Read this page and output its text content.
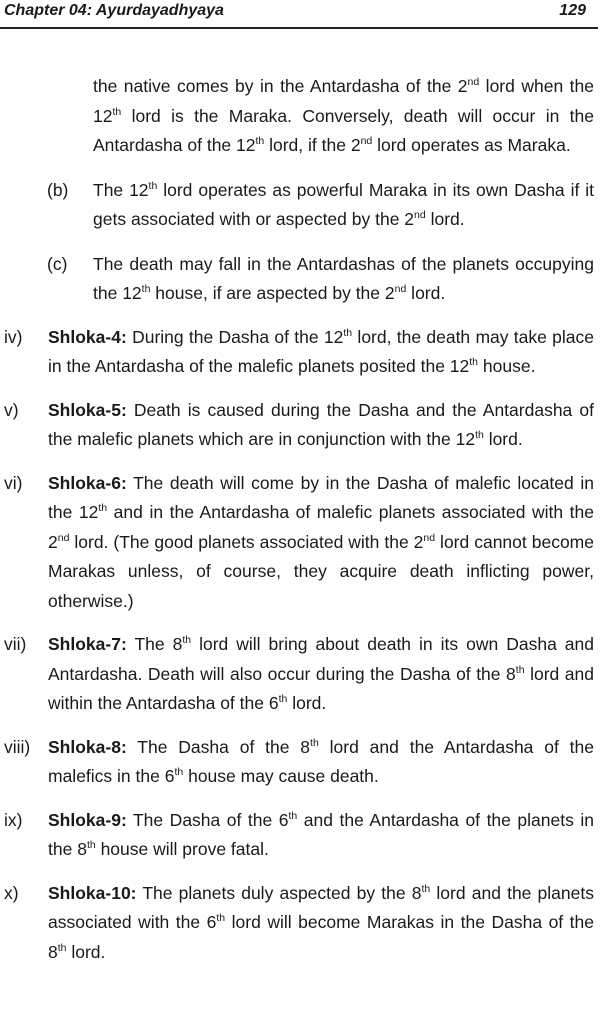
Chapter 04: Ayurdayadhyaya	129

the native comes by in the Antardasha of the 2nd lord when the 12th lord is the Maraka. Conversely, death will occur in the Antardasha of the 12th lord, if the 2nd lord operates as Maraka.

(b) The 12th lord operates as powerful Maraka in its own Dasha if it gets associated with or aspected by the 2nd lord.
(c) The death may fall in the Antardashas of the planets occupying the 12th house, if are aspected by the 2nd lord.
iv) Shloka-4: During the Dasha of the 12th lord, the death may take place in the Antardasha of the malefic planets posited the 12th house.
v) Shloka-5: Death is caused during the Dasha and the Antardasha of the malefic planets which are in conjunction with the 12th lord.
vi) Shloka-6: The death will come by in the Dasha of malefic located in the 12th and in the Antardasha of malefic planets associated with the 2nd lord. (The good planets associated with the 2nd lord cannot become Marakas unless, of course, they acquire death inflicting power, otherwise.)
vii) Shloka-7: The 8th lord will bring about death in its own Dasha and Antardasha. Death will also occur during the Dasha of the 8th lord and within the Antardasha of the 6th lord.
viii) Shloka-8: The Dasha of the 8th lord and the Antardasha of the malefics in the 6th house may cause death.
ix) Shloka-9: The Dasha of the 6th and the Antardasha of the planets in the 8th house will prove fatal.
x) Shloka-10: The planets duly aspected by the 8th lord and the planets associated with the 6th lord will become Marakas in the Dasha of the 8th lord.
